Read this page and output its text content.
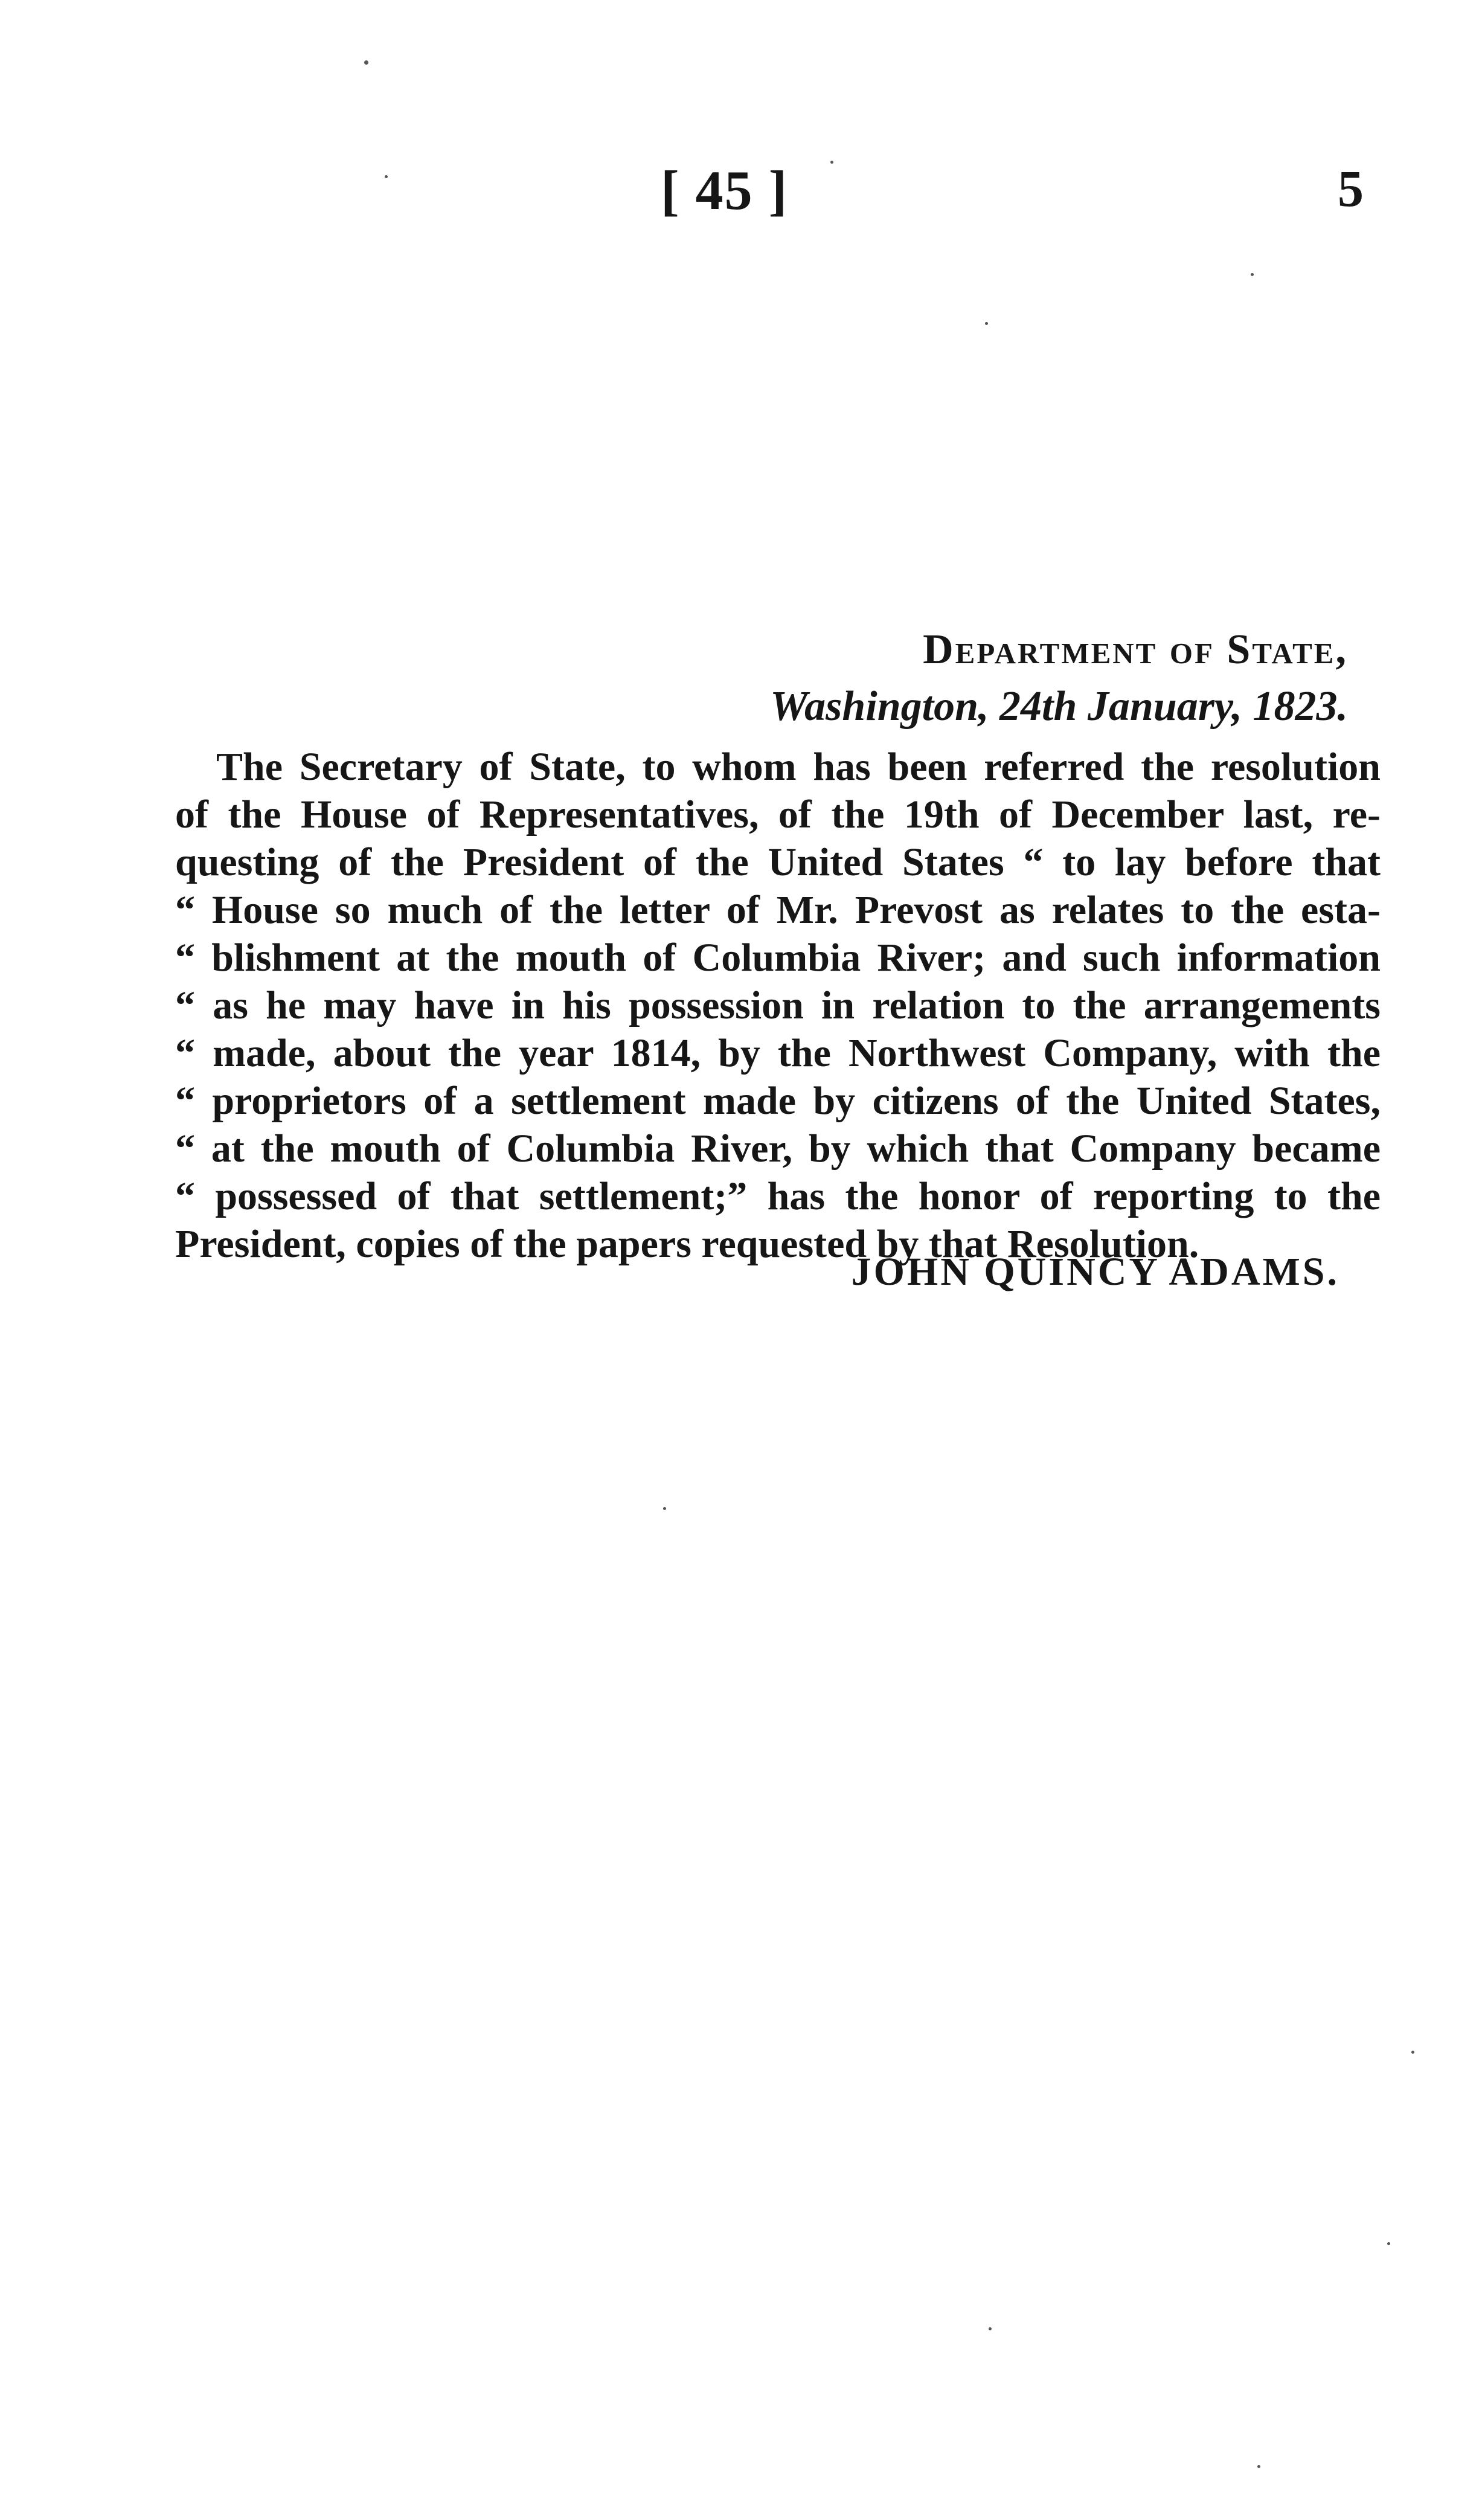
[ 45 ]	5
Department of State,
Washington, 24th January, 1823.

The Secretary of State, to whom has been referred the resolution
of the House of Representatives, of the 19th of December last, re-
questing of the President of the United States “ to lay before that
“ House so much of the letter of Mr. Prevost as relates to the esta-
“ blishment at the mouth of Columbia River; and such information
“ as he may have in his possession in relation to the arrangements
“ made, about the year 1814, by the Northwest Company, with the
“ proprietors of a settlement made by citizens of the United States,
“ at the mouth of Columbia River, by which that Company became
“ possessed of that settlement;” has the honor of reporting to the
President, copies of the papers requested by that Resolution.

JOHN QUINCY ADAMS.
